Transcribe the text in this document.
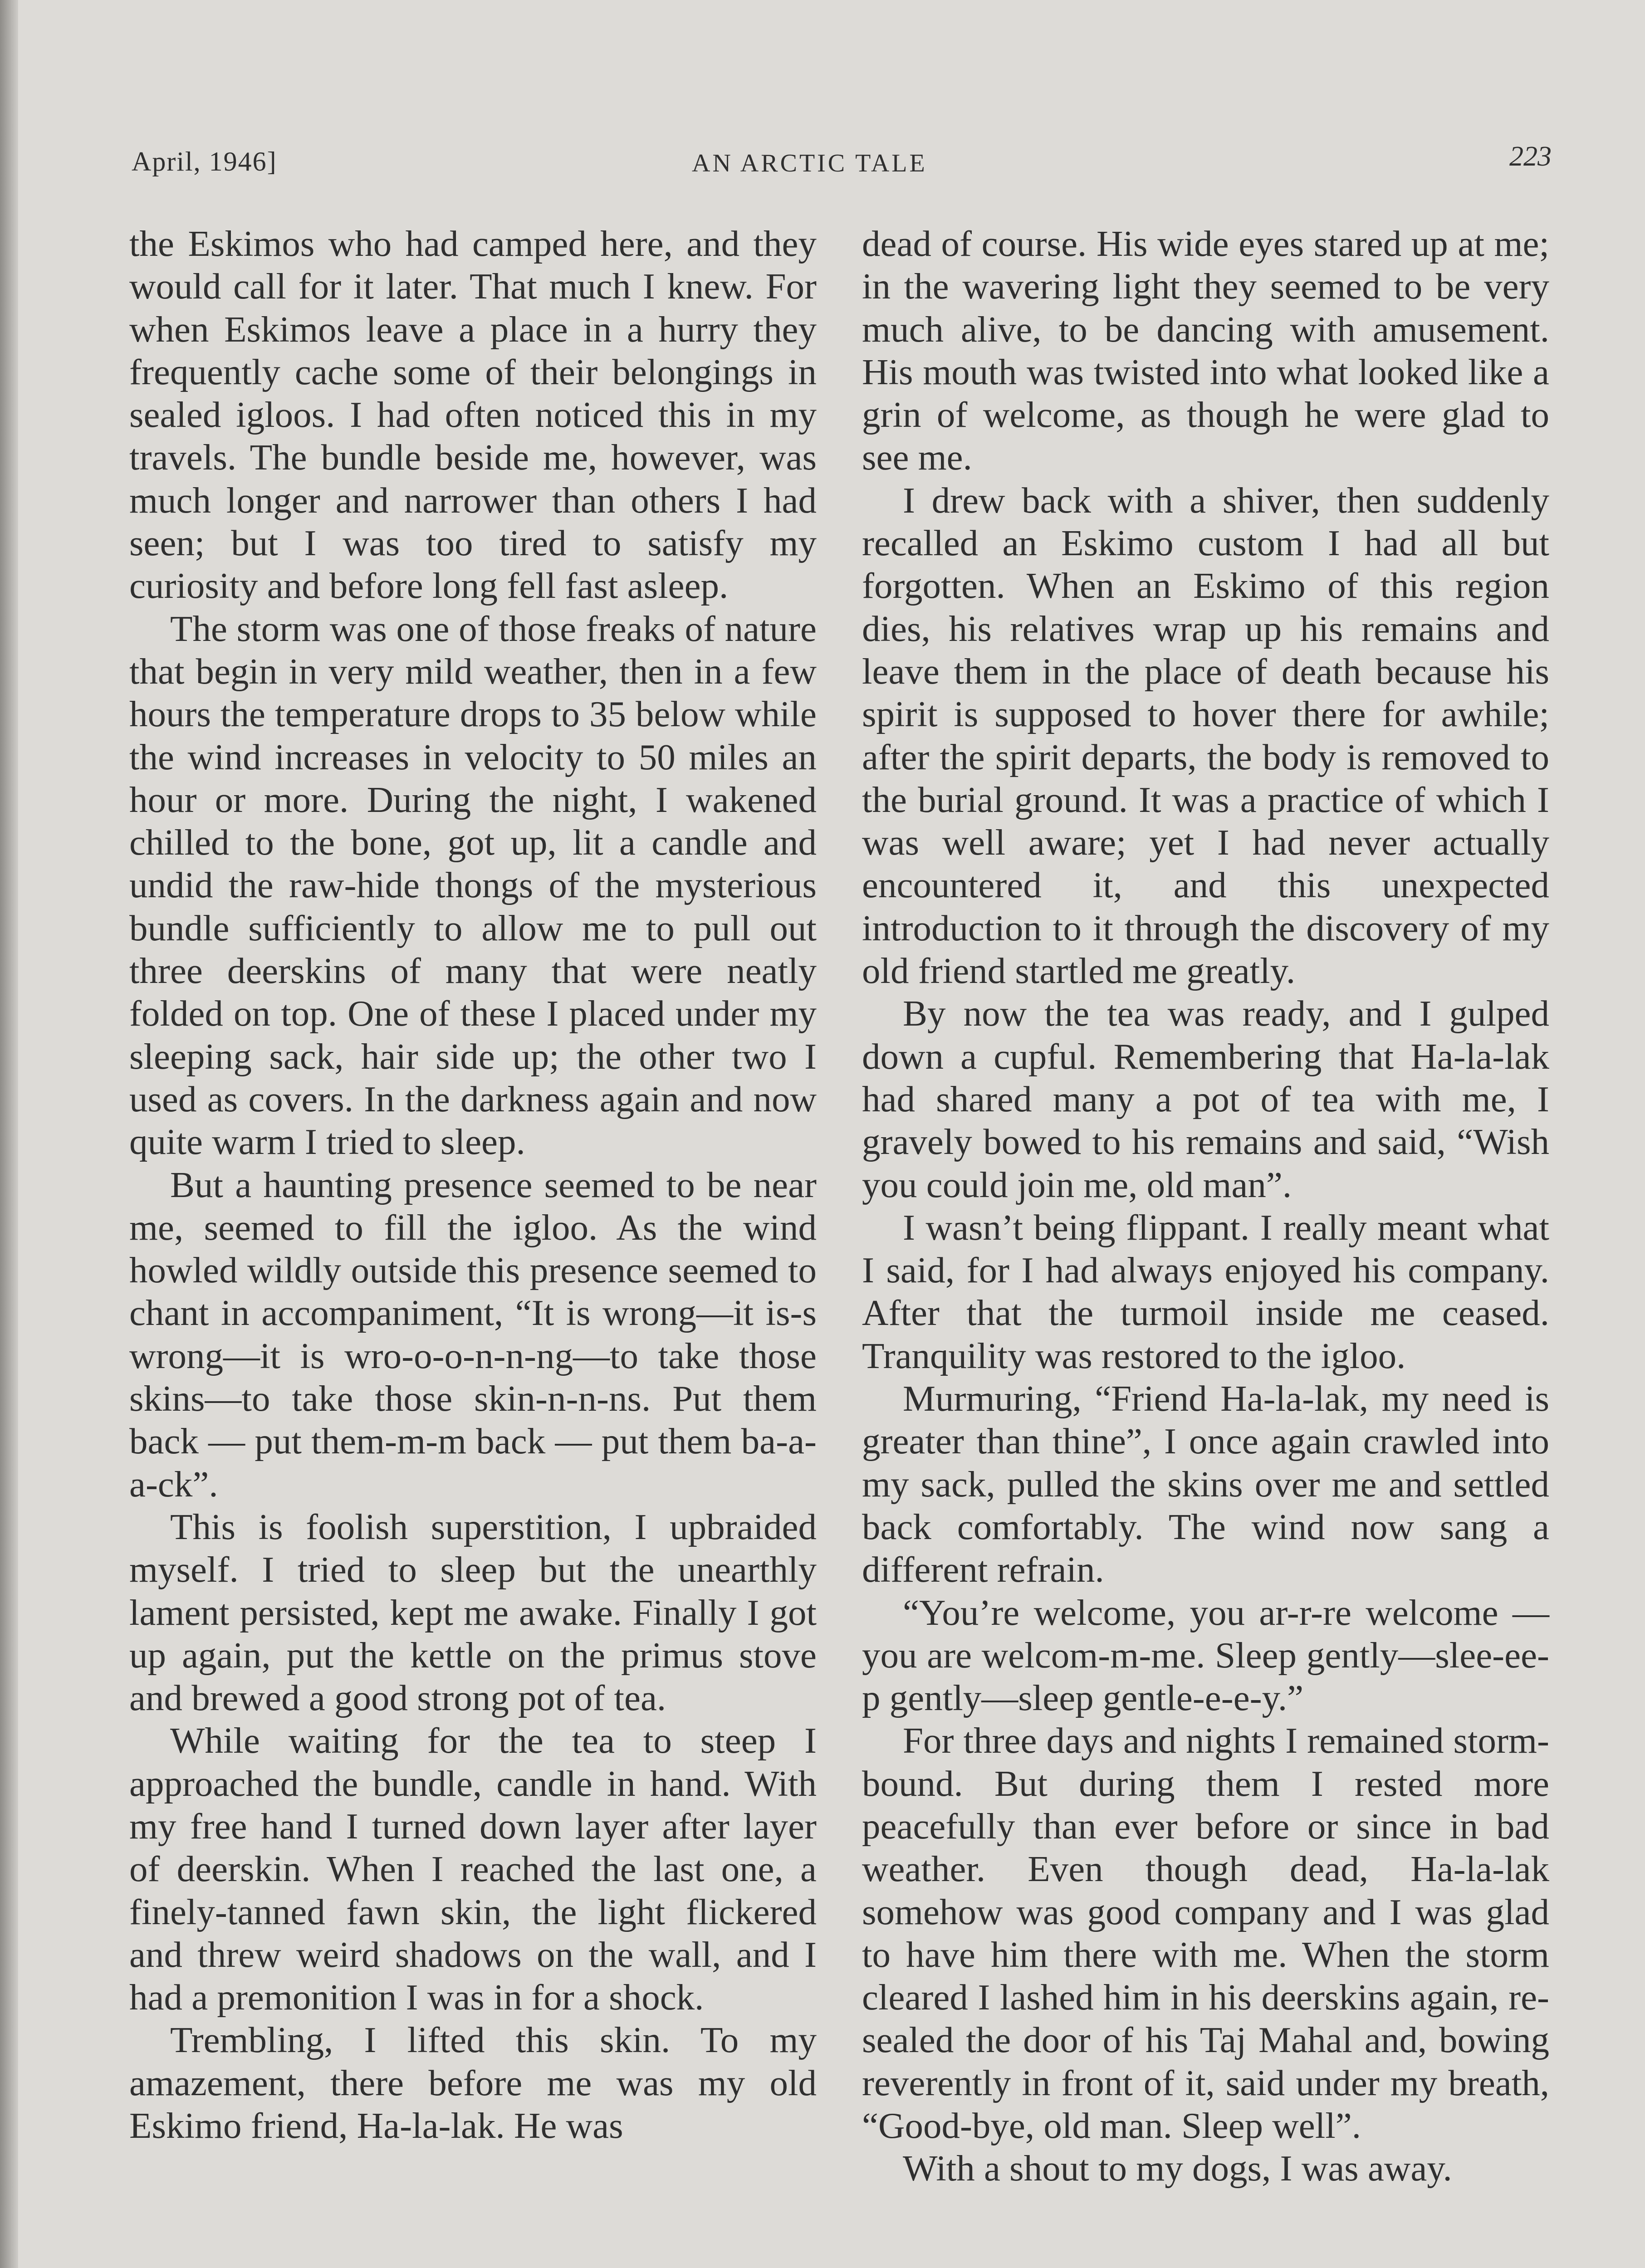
April, 1946]	AN ARCTIC TALE	223

the Eskimos who had camped here, and they would call for it later. That much I knew. For when Eskimos leave a place in a hurry they frequently cache some of their belongings in sealed igloos. I had often noticed this in my travels. The bundle beside me, however, was much longer and narrower than others I had seen; but I was too tired to satisfy my curiosity and before long fell fast asleep.

The storm was one of those freaks of nature that begin in very mild weather, then in a few hours the temperature drops to 35 below while the wind increases in velocity to 50 miles an hour or more. During the night, I wakened chilled to the bone, got up, lit a candle and undid the raw-hide thongs of the mysterious bundle sufficiently to allow me to pull out three deerskins of many that were neatly folded on top. One of these I placed under my sleeping sack, hair side up; the other two I used as covers. In the darkness again and now quite warm I tried to sleep.

But a haunting presence seemed to be near me, seemed to fill the igloo. As the wind howled wildly outside this presence seemed to chant in accompaniment, “It is wrong—it is-s wrong—it is wro-o-o-n-n-ng—to take those skins—to take those skin-n-n-ns. Put them back — put them-m-m back — put them ba-a-a-ck”.

This is foolish superstition, I upbraided myself. I tried to sleep but the unearthly lament persisted, kept me awake. Finally I got up again, put the kettle on the primus stove and brewed a good strong pot of tea.

While waiting for the tea to steep I approached the bundle, candle in hand. With my free hand I turned down layer after layer of deerskin. When I reached the last one, a finely-tanned fawn skin, the light flickered and threw weird shadows on the wall, and I had a premonition I was in for a shock.

Trembling, I lifted this skin. To my amazement, there before me was my old Eskimo friend, Ha-la-lak. He was

dead of course. His wide eyes stared up at me; in the wavering light they seemed to be very much alive, to be dancing with amusement. His mouth was twisted into what looked like a grin of welcome, as though he were glad to see me.

I drew back with a shiver, then suddenly recalled an Eskimo custom I had all but forgotten. When an Eskimo of this region dies, his relatives wrap up his remains and leave them in the place of death because his spirit is supposed to hover there for awhile; after the spirit departs, the body is removed to the burial ground. It was a practice of which I was well aware; yet I had never actually encountered it, and this unexpected introduction to it through the discovery of my old friend startled me greatly.

By now the tea was ready, and I gulped down a cupful. Remembering that Ha-la-lak had shared many a pot of tea with me, I gravely bowed to his remains and said, “Wish you could join me, old man”.

I wasn’t being flippant. I really meant what I said, for I had always enjoyed his company. After that the turmoil inside me ceased. Tranquility was restored to the igloo.

Murmuring, “Friend Ha-la-lak, my need is greater than thine”, I once again crawled into my sack, pulled the skins over me and settled back comfortably. The wind now sang a different refrain.

“You’re welcome, you ar-r-re welcome —you are welcom-m-me. Sleep gently—slee-ee-p gently—sleep gentle-e-e-y.”

For three days and nights I remained storm-bound. But during them I rested more peacefully than ever before or since in bad weather. Even though dead, Ha-la-lak somehow was good company and I was glad to have him there with me. When the storm cleared I lashed him in his deerskins again, re-sealed the door of his Taj Mahal and, bowing reverently in front of it, said under my breath, “Good-bye, old man. Sleep well”.

With a shout to my dogs, I was away.
